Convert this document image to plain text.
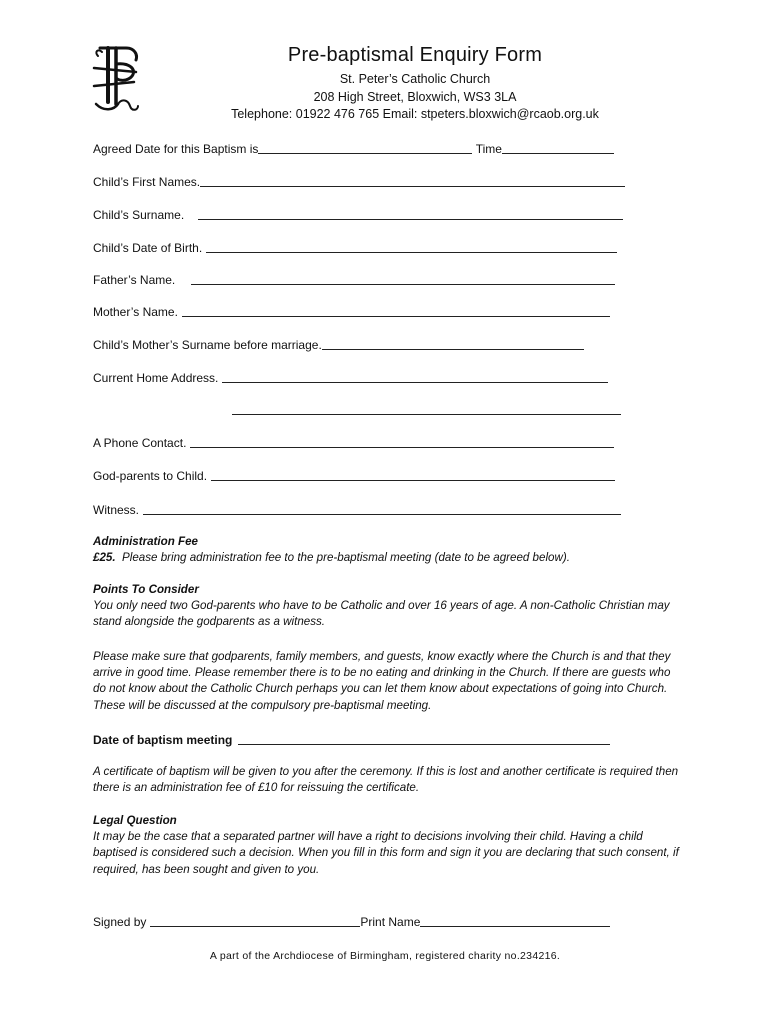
Pre-baptismal Enquiry Form
St. Peter’s Catholic Church
208 High Street, Bloxwich, WS3 3LA
Telephone: 01922 476 765 Email: stpeters.bloxwich@rcaob.org.uk
Agreed Date for this Baptism is	Time
Child’s First Names.
Child’s Surname.
Child’s Date of Birth.
Father’s Name.
Mother’s Name.
Child’s Mother’s Surname before marriage.
Current Home Address.
A Phone Contact.
God-parents to Child.
Witness.
Administration Fee
£25. Please bring administration fee to the pre-baptismal meeting (date to be agreed below).
Points To Consider
You only need two God-parents who have to be Catholic and over 16 years of age. A non-Catholic Christian may stand alongside the godparents as a witness.
Please make sure that godparents, family members, and guests, know exactly where the Church is and that they arrive in good time. Please remember there is to be no eating and drinking in the Church. If there are guests who do not know about the Catholic Church perhaps you can let them know about expectations of going into Church. These will be discussed at the compulsory pre-baptismal meeting.
Date of baptism meeting
A certificate of baptism will be given to you after the ceremony. If this is lost and another certificate is required then there is an administration fee of £10 for reissuing the certificate.
Legal Question
It may be the case that a separated partner will have a right to decisions involving their child. Having a child baptised is considered such a decision. When you fill in this form and sign it you are declaring that such consent, if required, has been sought and given to you.
Signed by	Print Name
A part of the Archdiocese of Birmingham, registered charity no.234216.
